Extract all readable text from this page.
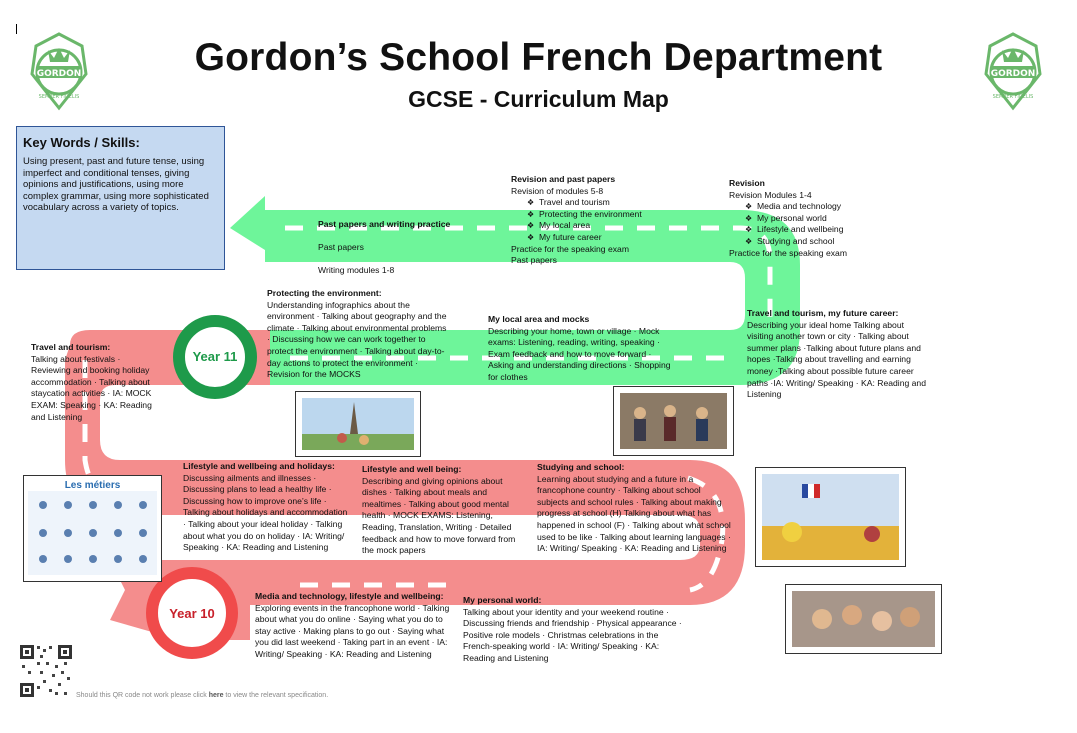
Gordon’s School French Department
GCSE - Curriculum Map
GORDON
SEMPER FIDELIS
GORDON
SEMPER FIDELIS
Key Words / Skills:

Using present, past and future tense, using imperfect and conditional tenses, giving opinions and justifications, using more complex grammar, using more sophisticated vocabulary across a variety of topics.

Year 11
Year 10

Past papers and writing practice

Past papers

Writing modules 1-8

Revision and past papers
Revision of modules 5-8
❖ Travel and tourism
❖ Protecting the environment
❖ My local area
❖ My future career
Practice for the speaking exam
Past papers
Revision
Revision Modules 1-4
❖ Media and technology
❖ My personal world
❖ Lifestyle and wellbeing
❖ Studying and school
Practice for the speaking exam
Protecting the environment:
Understanding infographics about the environment · Talking about geography and the climate · Talking about environmental problems · Discussing how we can work together to protect the environment · Talking about day-to-day actions to protect the environment · Revision for the MOCKS
My local area and mocks
Describing your home, town or village · Mock exams: Listening, reading, writing, speaking · Exam feedback and how to move forward · Asking and understanding directions · Shopping for clothes
Travel and tourism, my future career:
Describing your ideal home Talking about visiting another town or city · Talking about summer plans ·Talking about future plans and hopes ·Talking about travelling and earning money ·Talking about possible future career paths ·IA: Writing/ Speaking · KA: Reading and Listening
Travel and tourism:
Talking about festivals · Reviewing and booking holiday accommodation · Talking about staycation activities · IA: MOCK EXAM: Speaking · KA: Reading and Listening
Lifestyle and wellbeing and holidays:
Discussing ailments and illnesses · Discussing plans to lead a healthy life · Discussing how to improve one’s life · Talking about holidays and accommodation · Talking about your ideal holiday · Talking about what you do on holiday · IA: Writing/ Speaking · KA: Reading and Listening
Lifestyle and well being:
Describing and giving opinions about dishes · Talking about meals and mealtimes · Talking about good mental health · MOCK EXAMS: Listening, Reading, Translation, Writing · Detailed feedback and how to move forward from the mock papers
Studying and school:
Learning about studying and a future in a francophone country · Talking about school subjects and school rules · Talking about making progress at school (H) Talking about what has happened in school (F) · Talking about what school used to be like · Talking about learning languages · IA: Writing/ Speaking · KA: Reading and Listening
Media and technology, lifestyle and wellbeing:
Exploring events in the francophone world · Talking about what you do online · Saying what you do to stay active · Making plans to go out · Saying what you did last weekend · Taking part in an event · IA: Writing/ Speaking · KA: Reading and Listening
My personal world:
Talking about your identity and your weekend routine · Discussing friends and friendship · Physical appearance · Positive role models · Christmas celebrations in the French-speaking world · IA: Writing/ Speaking · KA: Reading and Listening
Les métiers
Should this QR code not work please click here to view the relevant specification.
